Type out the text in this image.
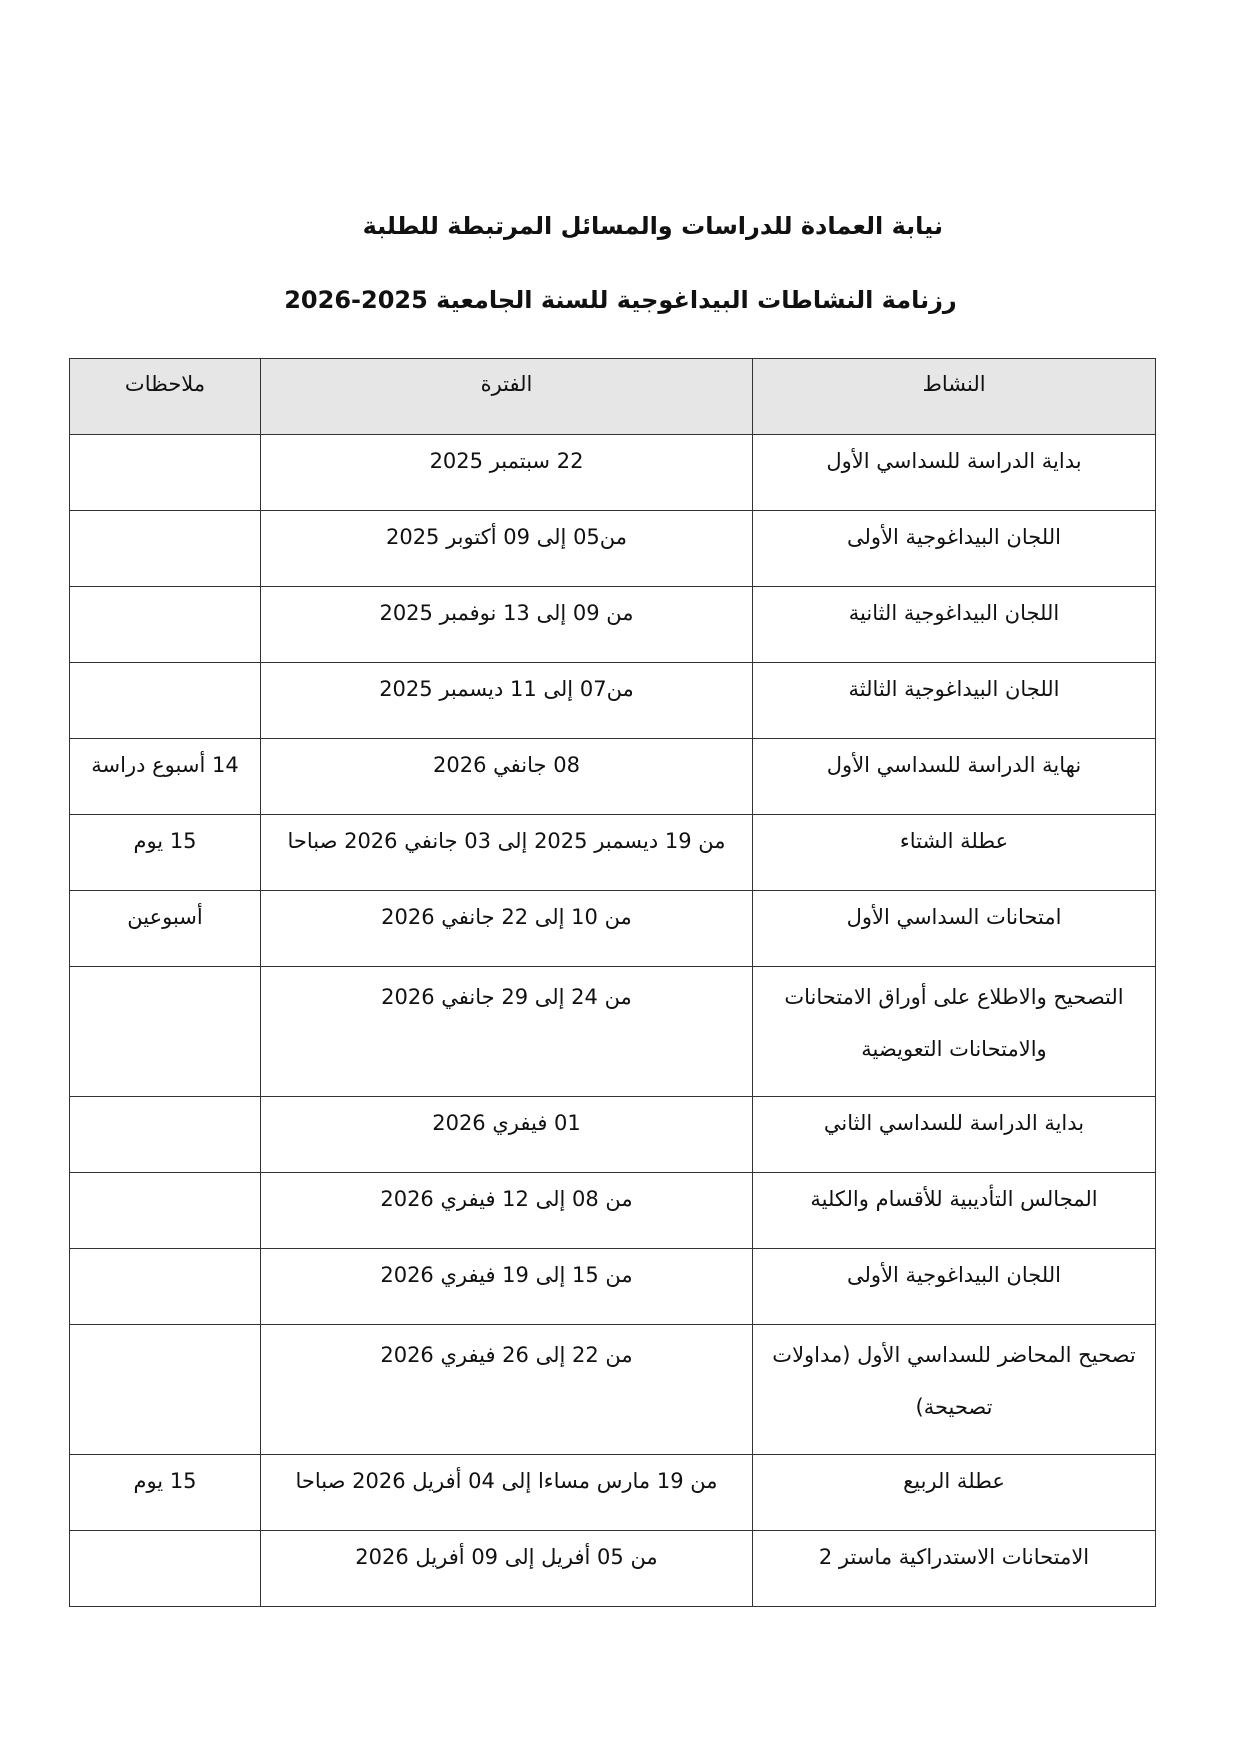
نيابة العمادة للدراسات والمسائل المرتبطة للطلبة
رزنامة النشاطات البيداغوجية للسنة الجامعية 2025-2026
النشاط	الفترة	ملاحظات
بداية الدراسة للسداسي الأول	22 سبتمبر 2025	
اللجان البيداغوجية الأولى	من05 إلى 09 أكتوبر 2025	
اللجان البيداغوجية الثانية	من 09 إلى 13 نوفمبر 2025	
اللجان البيداغوجية الثالثة	من07 إلى 11 ديسمبر 2025	
نهاية الدراسة للسداسي الأول	08 جانفي 2026	14 أسبوع دراسة
عطلة الشتاء	من 19 ديسمبر 2025 إلى 03 جانفي 2026 صباحا	15 يوم
امتحانات السداسي الأول	من 10 إلى 22 جانفي 2026	أسبوعين
التصحيح والاطلاع على أوراق الامتحانات والامتحانات التعويضية	من 24 إلى 29 جانفي 2026	
بداية الدراسة للسداسي الثاني	01 فيفري 2026	
المجالس التأديبية للأقسام والكلية	من 08 إلى 12 فيفري 2026	
اللجان البيداغوجية الأولى	من 15 إلى 19 فيفري 2026	
تصحيح المحاضر للسداسي الأول (مداولات تصحيحة)	من 22 إلى 26 فيفري 2026	
عطلة الربيع	من 19 مارس مساءا إلى 04 أفريل 2026 صباحا	15 يوم
الامتحانات الاستدراكية ماستر 2	من 05 أفريل إلى 09 أفريل 2026	
